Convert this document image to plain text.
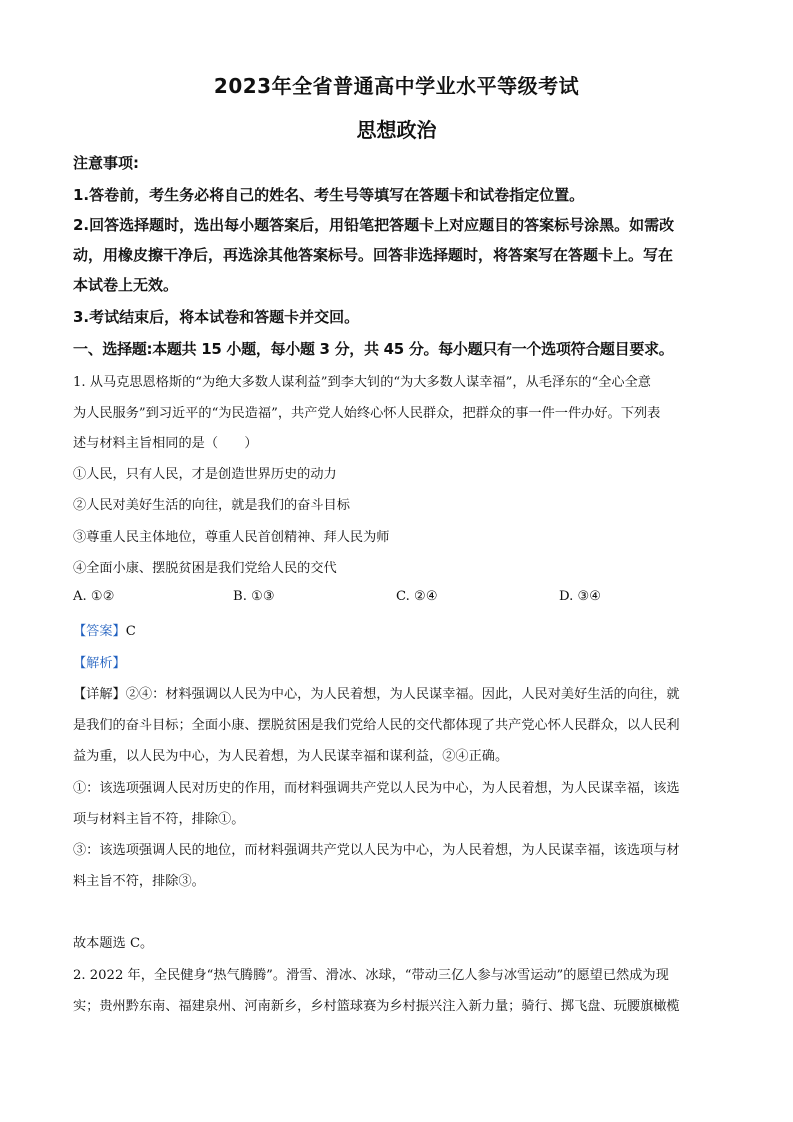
2023年全省普通高中学业水平等级考试
思想政治
注意事项:
1.答卷前，考生务必将自己的姓名、考生号等填写在答题卡和试卷指定位置。
2.回答选择题时，选出每小题答案后，用铅笔把答题卡上对应题目的答案标号涂黑。如需改
动，用橡皮擦干净后，再选涂其他答案标号。回答非选择题时，将答案写在答题卡上。写在
本试卷上无效。
3.考试结束后，将本试卷和答题卡并交回。
一、选择题:本题共 15 小题，每小题 3 分，共 45 分。每小题只有一个选项符合题目要求。
1. 从马克思恩格斯的“为绝大多数人谋利益”到李大钊的“为大多数人谋幸福”，从毛泽东的“全心全意
为人民服务”到习近平的“为民造福”，共产党人始终心怀人民群众，把群众的事一件一件办好。下列表
述与材料主旨相同的是（　　）
①人民，只有人民，才是创造世界历史的动力
②人民对美好生活的向往，就是我们的奋斗目标
③尊重人民主体地位，尊重人民首创精神、拜人民为师
④全面小康、摆脱贫困是我们党给人民的交代
A. ①②	B. ①③	C. ②④	D. ③④
【答案】C
【解析】
【详解】②④：材料强调以人民为中心，为人民着想，为人民谋幸福。因此，人民对美好生活的向往，就
是我们的奋斗目标；全面小康、摆脱贫困是我们党给人民的交代都体现了共产党心怀人民群众，以人民利
益为重，以人民为中心，为人民着想，为人民谋幸福和谋利益，②④正确。
①：该选项强调人民对历史的作用，而材料强调共产党以人民为中心，为人民着想，为人民谋幸福，该选
项与材料主旨不符，排除①。
③：该选项强调人民的地位，而材料强调共产党以人民为中心，为人民着想，为人民谋幸福，该选项与材
料主旨不符，排除③。
故本题选 C。
2. 2022 年，全民健身“热气腾腾”。滑雪、滑冰、冰球，“带动三亿人参与冰雪运动”的愿望已然成为现
实；贵州黔东南、福建泉州、河南新乡，乡村篮球赛为乡村振兴注入新力量；骑行、掷飞盘、玩腰旗橄榄
